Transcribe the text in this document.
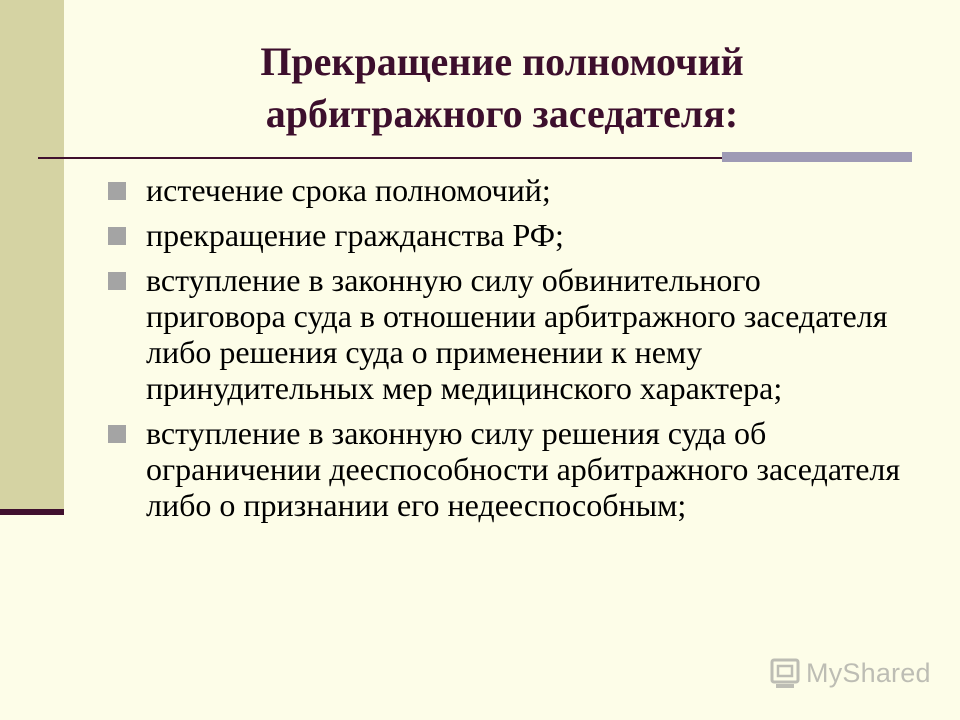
Прекращение полномочий
арбитражного заседателя:
истечение срока полномочий;
прекращение гражданства РФ;
вступление в законную силу обвинительного приговора суда в отношении арбитражного заседателя либо решения суда о применении к нему принудительных мер медицинского характера;
вступление в законную силу решения суда об ограничении дееспособности арбитражного заседателя либо о признании его недееспособным;
MyShared
